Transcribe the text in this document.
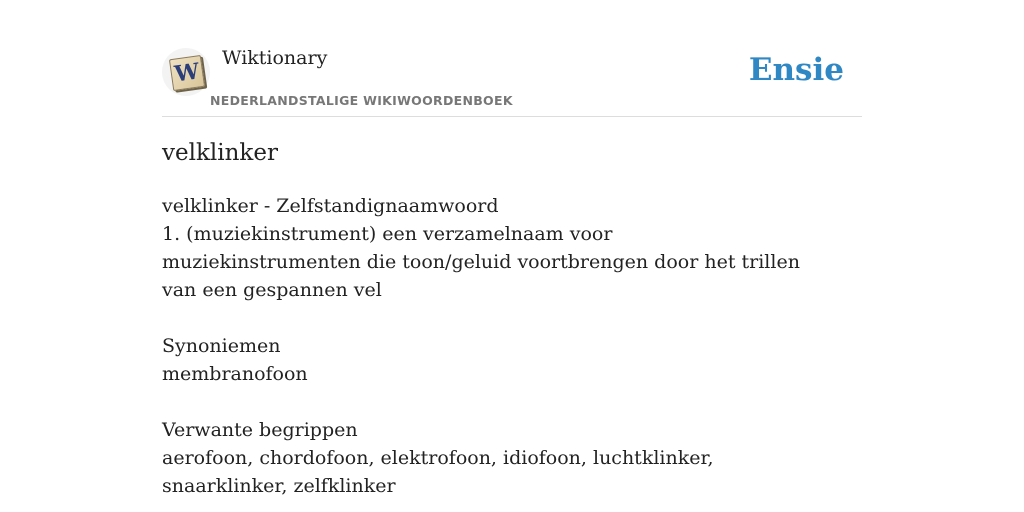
W
Wiktionary
NEDERLANDSTALIGE WIKIWOORDENBOEK
Ensie
velklinker

velklinker - Zelfstandignaamwoord

1. (muziekinstrument) een verzamelnaam voor muziekinstrumenten die toon/geluid voortbrengen door het trillen van een gespannen vel

Synoniemen

membranofoon

Verwante begrippen

aerofoon, chordofoon, elektrofoon, idiofoon, luchtklinker, snaarklinker, zelfklinker
